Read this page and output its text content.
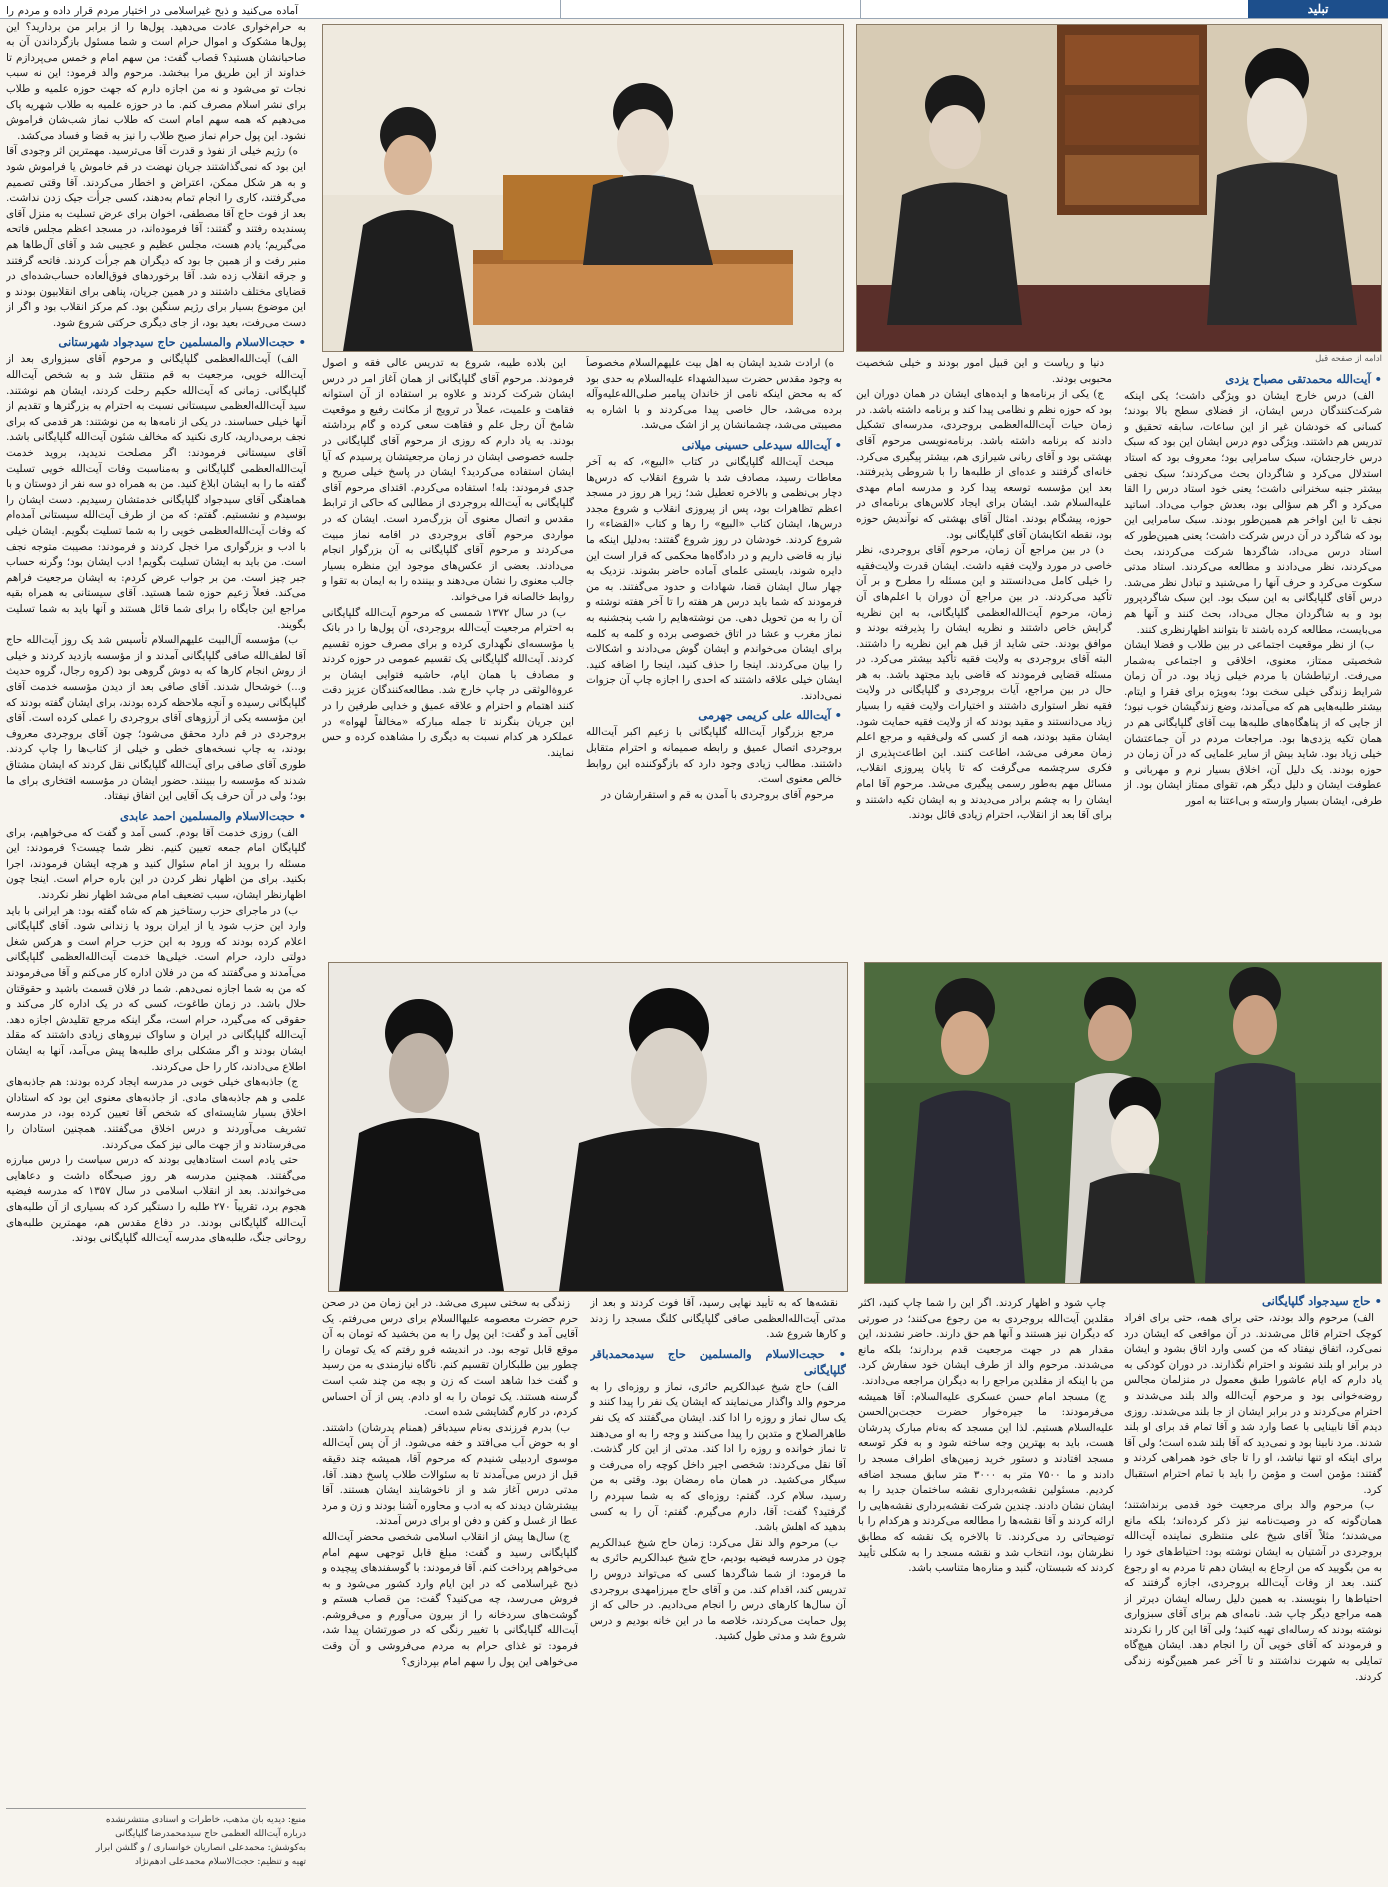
تبلید

آماده می‌کنید و ذبح غیراسلامی در اختیار مردم قرار داده و مردم را به حرام‌خواری عادت می‌دهید. پول‌ها را از برابر من بردارید؟ این پول‌ها مشکوک و اموال حرام است و شما مسئول بازگرداندن آن به صاحبانشان هستید؟ قصاب گفت: من سهم امام و خمس می‌پردازم تا خداوند از این طریق مرا ببخشد. مرحوم والد فرمود: این نه سبب نجات تو می‌شود و نه من اجازه دارم که جهت حوزه علمیه و طلاب برای نشر اسلام مصرف کنم. ما در حوزه علمیه به طلاب شهریه پاک می‌دهیم که همه سهم امام است که طلاب نماز شب‌شان فراموش نشود. این پول حرام نماز صبح طلاب را نیز به قضا و فساد می‌کشد.

ه) رژیم خیلی از نفوذ و قدرت آقا می‌ترسید. مهمترین اثر وجودی آقا این بود که نمی‌گذاشتند جریان نهضت در قم خاموش یا فراموش شود و به هر شکل ممکن، اعتراض و اخطار می‌کردند. آقا وقتی تصمیم می‌گرفتند، کاری را انجام تمام به‌دهند، کسی جرأت جیک زدن نداشت. بعد از فوت حاج آقا مصطفی، اخوان برای عرض تسلیت به منزل آقای پسندیده رفتند و گفتند: آقا فرموده‌اند، در مسجد اعظم مجلس فاتحه می‌گیریم؛ یادم هست، مجلس عظیم و عجیبی شد و آقای آل‌طاها هم منبر رفت و از همین جا بود که دیگران هم جرأت کردند. فاتحه گرفتند و جرقه انقلاب زده شد. آقا برخوردهای فوق‌العاده حساب‌شده‌ای در قضایای مختلف داشتند و در همین جریان، پناهی برای انقلابیون بودند و این موضوع بسیار برای رژیم سنگین بود. کم مرکز انقلاب بود و اگر از دست می‌رفت، بعید بود، از جای دیگری حرکتی شروع شود.

• حجت‌الاسلام والمسلمین حاج سیدجواد شهرستانی

الف) آیت‌الله‌العظمی گلپایگانی و مرحوم آقای سبزواری بعد از آیت‌الله خویی، مرجعیت به قم منتقل شد و به شخص آیت‌الله گلپایگانی. زمانی که آیت‌الله حکیم رحلت کردند، ایشان هم نوشتند. سید آیت‌الله‌العظمی سیستانی نسبت به احترام به بزرگترها و تقدیم از آنها خیلی حساسند. در یکی از نامه‌ها به من نوشتند: هر قدمی که برای نجف برمی‌دارید، کاری نکنید که مخالف شئون آیت‌الله گلپایگانی باشد. آقای سیستانی فرمودند: اگر مصلحت ندیدید، بروید خدمت آیت‌الله‌العظمی گلپایگانی و به‌مناسبت وفات آیت‌الله خویی تسلیت گفته ما را به ایشان ابلاغ کنید. من به همراه دو سه نفر از دوستان و با هماهنگی آقای سیدجواد گلپایگانی خدمتشان رسیدیم. دست ایشان را بوسیدم و نشستیم. گفتم: که من از طرف آیت‌الله سیستانی آمده‌ام که وفات آیت‌الله‌العظمی خویی را به شما تسلیت بگویم. ایشان خیلی با ادب و بزرگواری مرا خجل کردند و فرمودند: مصیبت متوجه نجف است. من باید به ایشان تسلیت بگویم! ادب ایشان بود؛ وگرنه حساب جبر چیز است. من بر جواب عرض کردم: به ایشان مرجعیت فراهم می‌کند. فعلاً زعیم حوزه شما هستید. آقای سیستانی به همراه بقیه مراجع این جایگاه را برای شما قائل هستند و آنها باید به شما تسلیت بگویند.

ب) مؤسسه آل‌البیت علیهم‌السلام تأسیس شد یک روز آیت‌الله حاج آقا لطف‌الله صافی گلپایگانی آمدند و از مؤسسه بازدید کردند و خیلی از روش انجام کارها که به دوش گروهی بود (کروه رجال، گروه حدیث و...) خوشحال شدند. آقای صافی بعد از دیدن مؤسسه خدمت آقای گلپایگانی رسیده و آنچه ملاحظه کرده بودند، برای ایشان گفته بودند که این مؤسسه یکی از آرزوهای آقای بروجردی را عملی کرده است. آقای بروجردی در قم دارد محقق می‌شود؛ چون آقای بروجردی معروف بودند، به چاپ نسخه‌های خطی و خیلی از کتاب‌ها را چاپ کردند. طوری آقای صافی برای آیت‌الله گلپایگانی نقل کردند که ایشان مشتاق شدند که مؤسسه را ببینند. حضور ایشان در مؤسسه افتخاری برای ما بود؛ ولی در آن حرف یک آقایی این اتفاق نیفتاد.

• حجت‌الاسلام والمسلمین احمد عابدی

الف) روزی خدمت آقا بودم. کسی آمد و گفت که می‌خواهیم، برای گلپایگان امام جمعه تعیین کنیم. نظر شما چیست؟ فرمودند: این مسئله را بروید از امام سئوال کنید و هرچه ایشان فرمودند، اجرا بکنید. برای من اظهار نظر کردن در این باره حرام است. اینجا چون اظهارنظر ایشان، سبب تضعیف امام می‌شد اظهار نظر نکردند.

ب) در ماجرای حزب رستاخیز هم که شاه گفته بود: هر ایرانی با باید وارد این حزب شود یا از ایران برود یا زندانی شود. آقای گلپایگانی اعلام کرده بودند که ورود به این حزب حرام است و هرکس شغل دولتی دارد، حرام است. خیلی‌ها خدمت آیت‌الله‌العظمی گلپایگانی می‌آمدند و می‌گفتند که من در فلان اداره کار می‌کنم و آقا می‌فرمودند که من به شما اجازه نمی‌دهم. شما در فلان قسمت باشید و حقوقتان حلال باشد. در زمان طاغوت، کسی که در یک اداره کار می‌کند و حقوقی که می‌گیرد، حرام است، مگر اینکه مرجع تقلیدش اجازه دهد. آیت‌الله گلپایگانی در ایران و ساواک نیروهای زیادی داشتند که مقلد ایشان بودند و اگر مشکلی برای طلبه‌ها پیش می‌آمد، آنها به ایشان اطلاع می‌دادند، کار را حل می‌کردند.

ج) جاذبه‌های خیلی خوبی در مدرسه ایجاد کرده بودند: هم جاذبه‌های علمی و هم جاذبه‌های مادی. از جاذبه‌های معنوی این بود که استادان اخلاق بسیار شایسته‌ای که شخص آقا تعیین کرده بود، در مدرسه تشریف می‌آوردند و درس اخلاق می‌گفتند. همچنین استادان را می‌فرستادند و از جهت مالی نیز کمک می‌کردند.

حتی یادم است استادهایی بودند که درس سیاست را درس مبارزه می‌گفتند. همچنین مدرسه هر روز صبحگاه داشت و دعاهایی می‌خواندند. بعد از انقلاب اسلامی در سال ۱۳۵۷ که مدرسه فیضیه هجوم برد، تقریباً ۲۷۰ طلبه را دستگیر کرد که بسیاری از آن طلبه‌های آیت‌الله گلپایگانی بودند. در دفاع مقدس هم، مهمترین طلبه‌های روحانی جنگ، طلبه‌های مدرسه آیت‌الله گلپایگانی بودند.

منبع: دیدیه بان مذهب، خاطرات و اسنادی منتشرنشده
درباره آیت‌الله العظمی حاج سیدمحمدرضا گلپایگانی
به‌کوشش: محمدعلی انصاریان خوانساری / و گلشن ابرار
تهیه و تنظیم: حجت‌الاسلام محمدعلی ادهم‌نژاد

این بلاده طیبه، شروع به تدریس عالی فقه و اصول فرمودند. مرحوم آقای گلپایگانی از همان آغاز امر در درس ایشان شرکت کردند و علاوه بر استفاده از آن استوانه فقاهت و علمیت، عملاً در ترویج از مکانت رفیع و موقعیت شامخ آن رجل علم و فقاهت سعی کرده و گام برداشته بودند. به یاد دارم که روزی از مرحوم آقای گلپایگانی در جلسه خصوصی ایشان در زمان مرجعیتشان پرسیدم که آیا ایشان استفاده می‌کردید؟ ایشان در پاسخ خیلی صریح و جدی فرمودند: بله! استفاده می‌کردم. اقتدای مرحوم آقای گلپایگانی به آیت‌الله بروجردی از مطالبی که حاکی از ترابط مقدس و اتصال معنوی آن بزرگ‌مرد است. ایشان که در مواردی مرحوم آقای بروجردی در اقامه نماز مبیت می‌کردند و مرحوم آقای گلپایگانی به آن بزرگوار انجام می‌دادند. بعضی از عکس‌های موجود این منظره بسیار جالب معنوی را نشان می‌دهند و بیننده را به ایمان به تقوا و روابط خالصانه فرا می‌خواند.

ب) در سال ۱۳۷۲ شمسی که مرحوم آیت‌الله گلپایگانی به احترام مرجعیت آیت‌الله بروجردی، آن پول‌ها را در بانک یا مؤسسه‌ای نگهداری کرده و برای مصرف حوزه تقسیم کردند. آیت‌الله گلپایگانی یک تقسیم عمومی در حوزه کردند و مصادف با همان ایام، حاشیه فتوایی ایشان بر عروة‌الوثقی در چاپ خارج شد. مطالعه‌کنندگان عزیز دقت کنند اهتمام و احترام و علاقه عمیق و خدایی طرفین را در این جریان بنگرند تا جمله مبارکه «مخالفاً لهواه» در عملکرد هر کدام نسبت به دیگری را مشاهده کرده و حس نمایند.

ه) ارادت شدید ایشان به اهل بیت علیهم‌السلام مخصوصاً به وجود مقدس حضرت سیدالشهداء علیه‌السلام به حدی بود که به محض اینکه نامی از خاندان پیامبر صلی‌الله‌علیه‌وآله برده می‌شد، حال خاصی پیدا می‌کردند و با اشاره به مصیبتی می‌شد، چشمانشان پر از اشک می‌شد.

• آیت‌الله سیدعلی حسینی میلانی

مبحث آیت‌الله گلپایگانی در کتاب «البیع»، که به آخر معاطات رسید، مصادف شد با شروع انقلاب که درس‌ها دچار بی‌نظمی و بالاخره تعطیل شد؛ زیرا هر روز در مسجد اعظم تظاهرات بود، پس از پیروزی انقلاب و شروع مجدد درس‌ها، ایشان کتاب «البیع» را رها و کتاب «القضاء» را شروع کردند. خودشان در روز شروع گفتند: به‌دلیل اینکه ما نیاز به قاضی داریم و در دادگاه‌ها محکمی که قرار است این دایره شوند، بایستی علمای آماده حاضر بشوند. نزدیک به چهار سال ایشان قضا، شهادات و حدود می‌گفتند. به من فرمودند که شما باید درس هر هفته را تا آخر هفته نوشته و آن را به من تحویل دهی. من نوشته‌هایم را شب پنجشنبه به نماز مغرب و عشا در اتاق خصوصی برده و کلمه به کلمه برای ایشان می‌خواندم و ایشان گوش می‌دادند و اشکالات را بیان می‌کردند. اینجا را حذف کنید، اینجا را اضافه کنید. ایشان خیلی علاقه داشتند که احدی را اجازه چاپ آن جزوات نمی‌دادند.

• آیت‌الله علی کریمی جهرمی

مرجع بزرگوار آیت‌الله گلپایگانی با زعیم اکبر آیت‌الله بروجردی اتصال عمیق و رابطه صمیمانه و احترام متقابل داشتند. مطالب زیادی وجود دارد که بازگوکننده این روابط خالص معنوی است.

مرحوم آقای بروجردی با آمدن به قم و استقرارشان در

دنیا و ریاست و این قبیل امور بودند و خیلی شخصیت محبوبی بودند.

ج) یکی از برنامه‌ها و ایده‌های ایشان در همان دوران این بود که حوزه نظم و نظامی پیدا کند و برنامه داشته باشد. در زمان حیات آیت‌الله‌العظمی بروجردی، مدرسه‌ای تشکیل دادند که برنامه داشته باشد. برنامه‌نویسی مرحوم آقای بهشتی بود و آقای ربانی شیرازی هم، بیشتر پیگیری می‌کرد. خانه‌ای گرفتند و عده‌ای از طلبه‌ها را با شروطی پذیرفتند. بعد این مؤسسه توسعه پیدا کرد و مدرسه امام مهدی علیه‌السلام شد. ایشان برای ایجاد کلاس‌های برنامه‌ای در حوزه، پیشگام بودند. امثال آقای بهشتی که نوآندیش حوزه بود، نقطه اتکایشان آقای گلپایگانی بود.

د) در بین مراجع آن زمان، مرحوم آقای بروجردی، نظر خاصی در مورد ولایت فقیه داشت. ایشان قدرت ولایت‌فقیه را خیلی کامل می‌دانستند و این مسئله را مطرح و بر آن تأکید می‌کردند. در بین مراجع آن دوران با اعلم‌های آن زمان، مرحوم آیت‌الله‌العظمی گلپایگانی، به این نظریه گرایش خاص داشتند و نظریه ایشان را پذیرفته بودند و موافق بودند. حتی شاید از قبل هم این نظریه را داشتند. البته آقای بروجردی به ولایت فقیه تأکید بیشتر می‌کرد. در مسئله قضایی فرمودند که قاضی باید مجتهد باشد. به هر حال در بین مراجع، آیات بروجردی و گلپایگانی در ولایت فقیه نظر استواری داشتند و اختیارات ولایت فقیه را بسیار زیاد می‌دانستند و مقید بودند که از ولایت فقیه حمایت شود. ایشان مقید بودند، همه از کسی که ولی‌فقیه و مرجع اعلم زمان معرفی می‌شد، اطاعت کنند. این اطاعت‌پذیری از فکری سرچشمه می‌گرفت که تا پایان پیروزی انقلاب، مسائل مهم به‌طور رسمی پیگیری می‌شد. مرحوم آقا امام ایشان را به چشم برادر می‌دیدند و به ایشان تکیه داشتند و برای آقا بعد از انقلاب، احترام زیادی قائل بودند.

ادامه از صفحه قبل
• آیت‌الله محمدتقی مصباح یزدی

الف) درس خارج ایشان دو ویژگی داشت؛ یکی اینکه شرکت‌کنندگان درس ایشان، از فضلای سطح بالا بودند؛ کسانی که خودشان غیر از این ساعات، سابقه تحقیق و تدریس هم داشتند. ویژگی دوم درس ایشان این بود که سبک درس خارجشان، سبک سامرایی بود؛ معروف بود که استاد استدلال می‌کرد و شاگردان بحث می‌کردند؛ سبک نجفی بیشتر جنبه سخنرانی داشت؛ یعنی خود استاد درس را القا می‌کرد و اگر هم سؤالی بود، بعدش جواب می‌داد. اساتید نجف تا این اواخر هم همین‌طور بودند. سبک سامرایی این بود که شاگرد در آن درس شرکت داشت؛ یعنی همین‌طور که استاد درس می‌داد، شاگردها شرکت می‌کردند، بحث می‌کردند، نظر می‌دادند و مطالعه می‌کردند. استاد مدتی سکوت می‌کرد و حرف آنها را می‌شنید و تبادل نظر می‌شد. درس آقای گلپایگانی به این سبک بود. این سبک شاگردپرور بود و به شاگردان مجال می‌داد، بحث کنند و آنها هم می‌بایست، مطالعه کرده باشند تا بتوانند اظهارنظری کنند.

ب) از نظر موقعیت اجتماعی در بین طلاب و فضلا ایشان شخصیتی ممتاز، معنوی، اخلاقی و اجتماعی به‌شمار می‌رفت. ارتباطشان با مردم خیلی زیاد بود. در آن زمان شرایط زندگی خیلی سخت بود؛ به‌ویژه برای فقرا و ایتام. بیشتر طلبه‌هایی هم که می‌آمدند، وضع زندگیشان خوب نبود؛ از جایی که از پناهگاه‌های طلبه‌ها بیت آقای گلپایگانی هم در همان تکیه یزدی‌ها بود. مراجعات مردم در آن جماعتشان خیلی زیاد بود. شاید بیش از سایر علمایی که در آن زمان در حوزه بودند. یک دلیل آن، اخلاق بسیار نرم و مهربانی و عطوفت ایشان و دلیل دیگر هم، تقوای ممتاز ایشان بود. از طرفی، ایشان بسیار وارسته و بی‌اعتنا به امور

زندگی به سختی سپری می‌شد. در این زمان من در صحن حرم حضرت معصومه علیهاالسلام برای درس می‌رفتم. یک آقایی آمد و گفت: این پول را به من بخشید که تومان به آن موقع قابل توجه بود. در اندیشه فرو رفتم که یک تومان را چطور بین طلبکاران تقسیم کنم. ناگاه نیازمندی به من رسید و گفت خدا شاهد است که زن و بچه من چند شب است گرسنه هستند. یک تومان را به او دادم. پس از آن احساس کردم، در کارم گشایشی شده است.

ب) بدرم فرزندی به‌نام سیدباقر (همنام پدرشان) داشتند. او به حوض آب می‌افتد و خفه می‌شود. از آن پس آیت‌الله موسوی اردبیلی شنیدم که مرحوم آقا، همیشه چند دقیقه قبل از درس می‌آمدند تا به سئوالات طلاب پاسخ دهند. آقا، مدتی درس آغاز شد و از ناخوشایند ایشان هستند. آقا بیشترشان دیدند که به ادب و محاوره آشنا بودند و زن و مرد عطا از غسل و کفن و دفن او برای درس آمدند.

ج) سال‌ها پیش از انقلاب اسلامی شخصی محضر آیت‌الله گلپایگانی رسید و گفت: مبلغ قابل توجهی سهم امام می‌خواهم پرداخت کنم. آقا فرمودند: با گوسفندهای پیچیده و ذبح غیراسلامی که در این ایام وارد کشور می‌شود و به فروش می‌رسد، چه می‌کنید؟ گفت: من قصاب هستم و گوشت‌های سردخانه را از بیرون می‌آورم و می‌فروشم. آیت‌الله گلپایگانی با تغییر رنگی که در صورتشان پیدا شد، فرمود: تو غذای حرام به مردم می‌فروشی و آن وقت می‌خواهی این پول را سهم امام بپردازی؟

نقشه‌ها که به تأیید نهایی رسید، آقا فوت کردند و بعد از مدتی آیت‌الله‌العظمی صافی گلپایگانی کلنگ مسجد را زدند و کارها شروع شد.

• حجت‌الاسلام والمسلمین حاج سیدمحمدباقر گلپایگانی

الف) حاج شیخ عبدالکریم حائری، نماز و روزه‌ای را به مرحوم والد واگذار می‌نمایند که ایشان یک نفر را پیدا کنند و یک سال نماز و روزه را ادا کند. ایشان می‌گفتند که یک نفر طاهرالصلاح و متدین را پیدا می‌کنند و وجه را به او می‌دهند تا نماز خوانده و روزه را ادا کند. مدتی از این کار گذشت. آقا نقل می‌کردند: شخصی اجیر داخل کوچه راه می‌رفت و سیگار می‌کشید. در همان ماه رمضان بود. وقتی به من رسید، سلام کرد. گفتم: روزه‌ای که به شما سپردم را گرفتید؟ گفت: آقا، دارم می‌گیرم. گفتم: آن را به کسی بدهید که اهلش باشد.

ب) مرحوم والد نقل می‌کرد: زمان حاج شیخ عبدالکریم چون در مدرسه فیضیه بودیم، حاج شیخ عبدالکریم حائری به ما فرمود: از شما شاگردها کسی که می‌تواند دروس را تدریس کند، اقدام کند. من و آقای حاج میرزامهدی بروجردی آن سال‌ها کارهای درس را انجام می‌دادیم. در حالی که از پول حمایت می‌کردند، خلاصه ما در این خانه بودیم و درس شروع شد و مدتی طول کشید.

چاپ شود و اظهار کردند. اگر این را شما چاپ کنید، اکثر مقلدین آیت‌الله بروجردی به من رجوع می‌کنند؛ در صورتی که دیگران نیز هستند و آنها هم حق دارند. حاضر نشدند، این مقدار هم در جهت مرجعیت قدم بردارند؛ بلکه مانع می‌شدند. مرحوم والد از طرف ایشان خود سفارش کرد. من با اینکه از مقلدین مراجع را به دیگران مراجعه می‌دادند.

ج) مسجد امام حسن عسکری علیه‌السلام: آقا همیشه می‌فرمودند: ما جیره‌خوار حضرت حجت‌بن‌الحسن علیه‌السلام هستیم. لذا این مسجد که به‌نام مبارک پدرشان هست، باید به بهترین وجه ساخته شود و به فکر توسعه مسجد افتادند و دستور خرید زمین‌های اطراف مسجد را دادند و ما ۷۵۰۰ متر به ۳۰۰۰ متر سابق مسجد اضافه کردیم. مسئولین نقشه‌برداری نقشه ساختمان جدید را به ایشان نشان دادند. چندین شرکت نقشه‌برداری نقشه‌هایی را ارائه کردند و آقا نقشه‌ها را مطالعه می‌کردند و هرکدام را با توضیحاتی رد می‌کردند. تا بالاخره یک نقشه که مطابق نظرشان بود، انتخاب شد و نقشه مسجد را به شکلی تأیید کردند که شبستان، گنبد و مناره‌ها متناسب باشد.

• حاج سیدجواد گلپایگانی

الف) مرحوم والد بودند، حتی برای همه، حتی برای افراد کوچک احترام قائل می‌شدند. در آن مواقعی که ایشان درد نمی‌کرد، اتفاق نیفتاد که من کسی وارد اتاق بشود و ایشان در برابر او بلند نشوند و احترام نگذارند. در دوران کودکی به یاد دارم که ایام عاشورا طبق معمول در منزلمان مجالس روضه‌خوانی بود و مرحوم آیت‌الله والد بلند می‌شدند و احترام می‌کردند و در برابر ایشان از جا بلند می‌شدند. روزی دیدم آقا نابینایی با عصا وارد شد و آقا تمام قد برای او بلند شدند. مرد نابینا بود و نمی‌دید که آقا بلند شده است؛ ولی آقا برای اینکه او تنها نباشد، او را تا جای خود همراهی کردند و گفتند: مؤمن است و مؤمن را باید با تمام احترام استقبال کرد.

ب) مرحوم والد برای مرجعیت خود قدمی برنداشتند؛ همان‌گونه که در وصیت‌نامه نیز ذکر کرده‌اند؛ بلکه مانع می‌شدند؛ مثلاً آقای شیخ علی منتظری نماینده آیت‌الله بروجردی در آشتیان به ایشان نوشته بود: احتیاط‌های خود را به من بگویید که من ارجاع به ایشان دهم تا مردم به او رجوع کنند. بعد از وفات آیت‌الله بروجردی، اجازه گرفتند که احتیاط‌ها را بنویسند. به همین دلیل رساله ایشان دیرتر از همه مراجع دیگر چاپ شد. نامه‌ای هم برای آقای سبزواری نوشته بودند که رساله‌ای تهیه کنید؛ ولی آقا این کار را نکردند و فرمودند که آقای خویی آن را انجام دهد. ایشان هیچ‌گاه تمایلی به شهرت نداشتند و تا آخر عمر همین‌گونه زندگی کردند.
